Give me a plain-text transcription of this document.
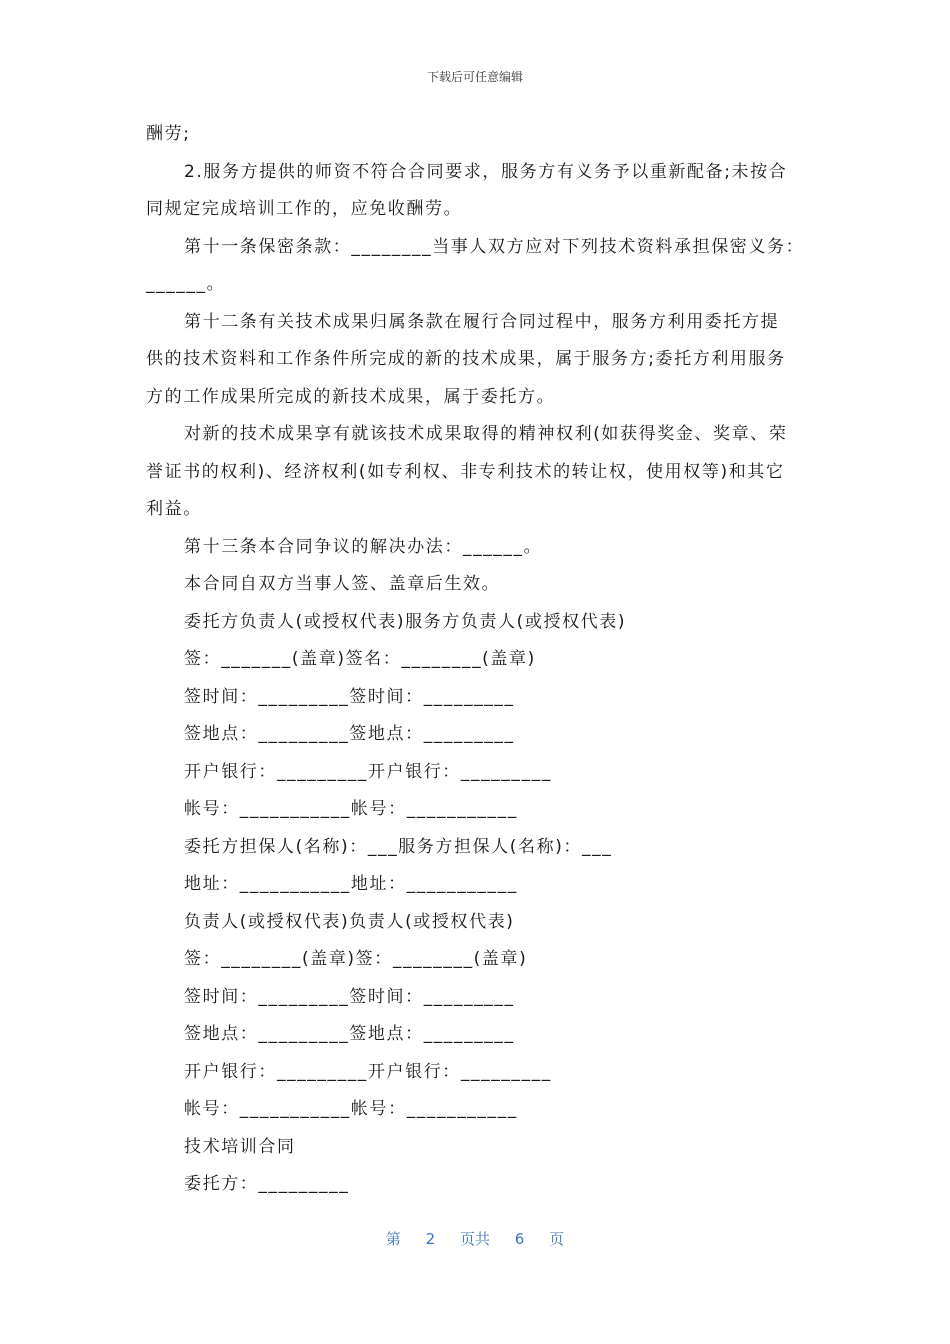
下载后可任意编辑
酬劳;
2.服务方提供的师资不符合合同要求，服务方有义务予以重新配备;未按合
同规定完成培训工作的，应免收酬劳。
第十一条保密条款：________当事人双方应对下列技术资料承担保密义务：
______。
第十二条有关技术成果归属条款在履行合同过程中，服务方利用委托方提
供的技术资料和工作条件所完成的新的技术成果，属于服务方;委托方利用服务
方的工作成果所完成的新技术成果，属于委托方。
对新的技术成果享有就该技术成果取得的精神权利(如获得奖金、奖章、荣
誉证书的权利)、经济权利(如专利权、非专利技术的转让权，使用权等)和其它
利益。
第十三条本合同争议的解决办法：______。
本合同自双方当事人签、盖章后生效。
委托方负责人(或授权代表)服务方负责人(或授权代表)
签：_______(盖章)签名：________(盖章)
签时间：_________签时间：_________
签地点：_________签地点：_________
开户银行：_________开户银行：_________
帐号：___________帐号：___________
委托方担保人(名称)：___服务方担保人(名称)：___
地址：___________地址：___________
负责人(或授权代表)负责人(或授权代表)
签：________(盖章)签：________(盖章)
签时间：_________签时间：_________
签地点：_________签地点：_________
开户银行：_________开户银行：_________
帐号：___________帐号：___________
技术培训合同
委托方：_________
第 2 页共 6 页
